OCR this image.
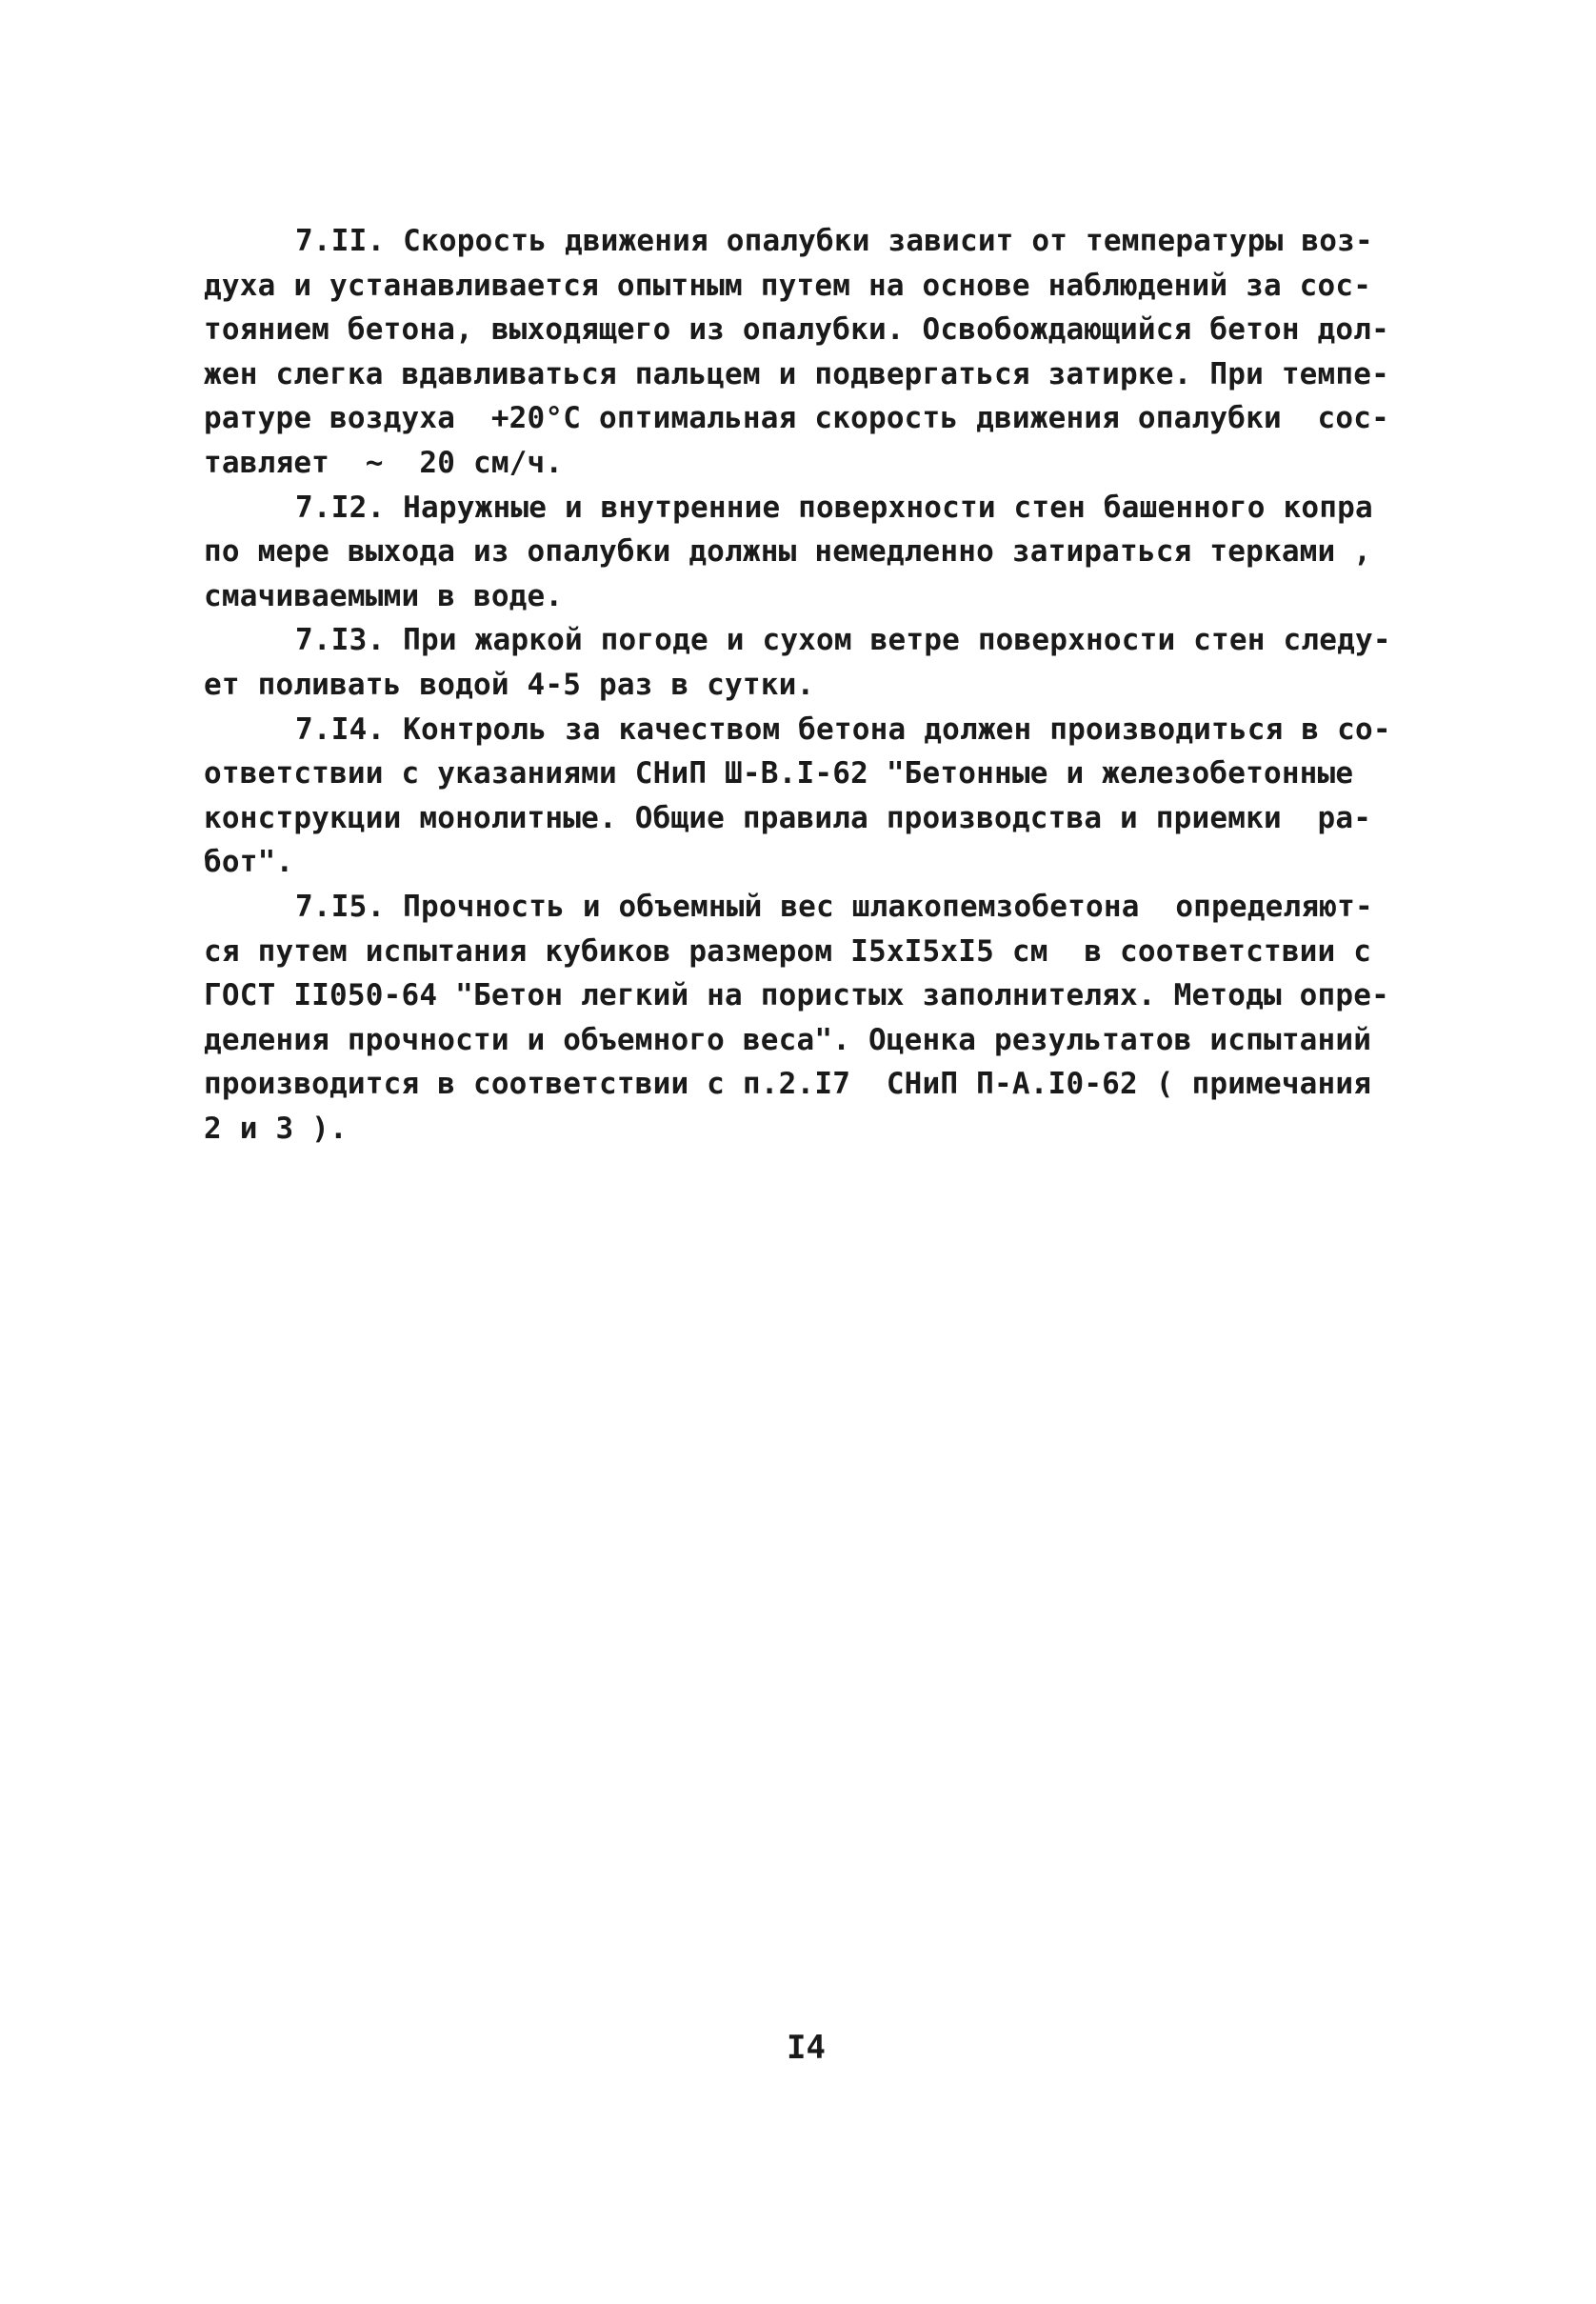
7.II. Скорость движения опалубки зависит от температуры воз-
духа и устанавливается опытным путем на основе наблюдений за сос-
тоянием бетона, выходящего из опалубки. Освобождающийся бетон дол-
жен слегка вдавливаться пальцем и подвергаться затирке. При темпе-
ратуре воздуха  +20°С оптимальная скорость движения опалубки  сос-
тавляет  ~  20 см/ч.
7.I2. Наружные и внутренние поверхности стен башенного копра
по мере выхода из опалубки должны немедленно затираться терками ,
смачиваемыми в воде.
7.I3. При жаркой погоде и сухом ветре поверхности стен следу-
ет поливать водой 4-5 раз в сутки.
7.I4. Контроль за качеством бетона должен производиться в со-
ответствии с указаниями СНиП Ш-В.I-62 "Бетонные и железобетонные
конструкции монолитные. Общие правила производства и приемки  ра-
бот".
7.I5. Прочность и объемный вес шлакопемзобетона  определяют-
ся путем испытания кубиков размером I5хI5хI5 см  в соответствии с
ГОСТ II050-64 "Бетон легкий на пористых заполнителях. Методы опре-
деления прочности и объемного веса". Оценка результатов испытаний
производится в соответствии с п.2.I7  СНиП П-А.I0-62 ( примечания
2 и 3 ).
I4
